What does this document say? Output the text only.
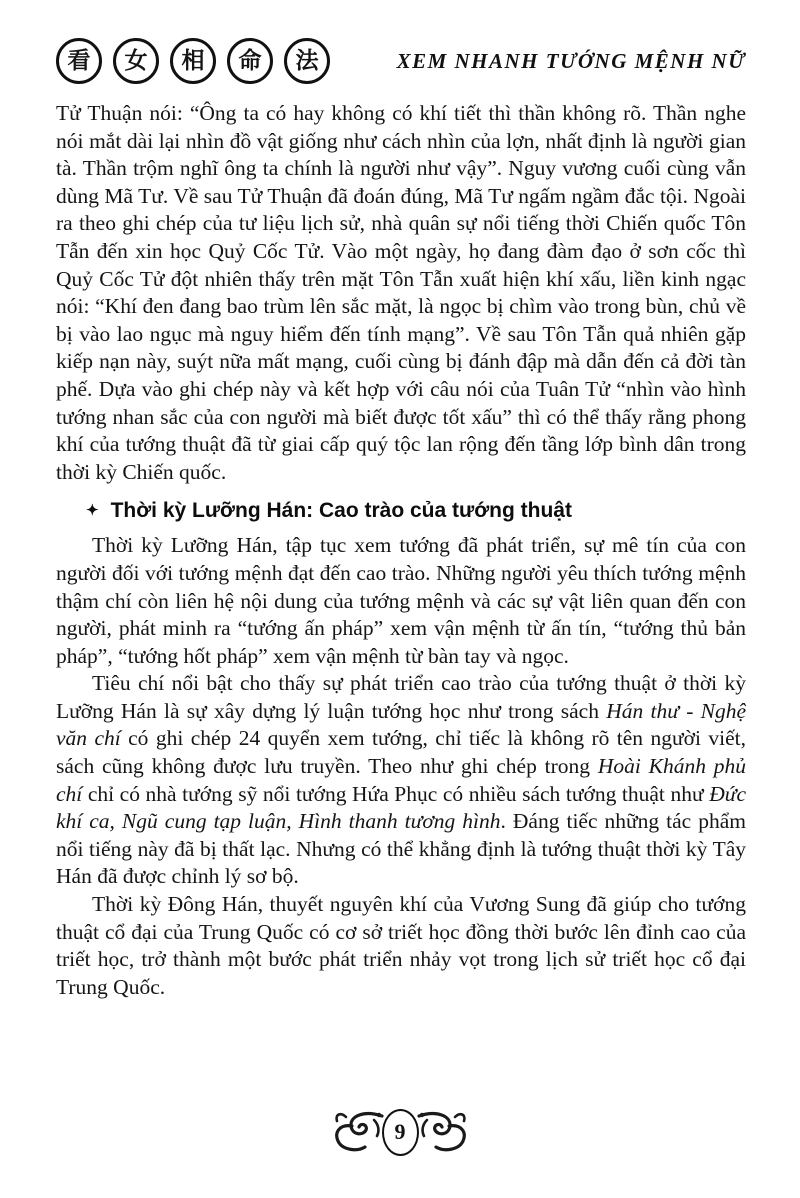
看	女	相	命	法	XEM NHANH TƯỚNG MỆNH NỮ

Tử Thuận nói: “Ông ta có hay không có khí tiết thì thần không rõ. Thần nghe nói mắt dài lại nhìn đồ vật giống như cách nhìn của lợn, nhất định là người gian tà. Thần trộm nghĩ ông ta chính là người như vậy”. Nguy vương cuối cùng vẫn dùng Mã Tư. Về sau Tử Thuận đã đoán đúng, Mã Tư ngấm ngầm đắc tội. Ngoài ra theo ghi chép của tư liệu lịch sử, nhà quân sự nổi tiếng thời Chiến quốc Tôn Tẫn đến xin học Quỷ Cốc Tử. Vào một ngày, họ đang đàm đạo ở sơn cốc thì Quỷ Cốc Tử đột nhiên thấy trên mặt Tôn Tẫn xuất hiện khí xấu, liền kinh ngạc nói: “Khí đen đang bao trùm lên sắc mặt, là ngọc bị chìm vào trong bùn, chủ về bị vào lao ngục mà nguy hiểm đến tính mạng”. Về sau Tôn Tẫn quả nhiên gặp kiếp nạn này, suýt nữa mất mạng, cuối cùng bị đánh đập mà dẫn đến cả đời tàn phế. Dựa vào ghi chép này và kết hợp với câu nói của Tuân Tử “nhìn vào hình tướng nhan sắc của con người mà biết được tốt xấu” thì có thể thấy rằng phong khí của tướng thuật đã từ giai cấp quý tộc lan rộng đến tầng lớp bình dân trong thời kỳ Chiến quốc.

✦ Thời kỳ Lưỡng Hán: Cao trào của tướng thuật

Thời kỳ Lưỡng Hán, tập tục xem tướng đã phát triển, sự mê tín của con người đối với tướng mệnh đạt đến cao trào. Những người yêu thích tướng mệnh thậm chí còn liên hệ nội dung của tướng mệnh và các sự vật liên quan đến con người, phát minh ra “tướng ấn pháp” xem vận mệnh từ ấn tín, “tướng thủ bản pháp”, “tướng hốt pháp” xem vận mệnh từ bàn tay và ngọc.

Tiêu chí nổi bật cho thấy sự phát triển cao trào của tướng thuật ở thời kỳ Lưỡng Hán là sự xây dựng lý luận tướng học như trong sách Hán thư - Nghệ văn chí có ghi chép 24 quyển xem tướng, chỉ tiếc là không rõ tên người viết, sách cũng không được lưu truyền. Theo như ghi chép trong Hoài Khánh phủ chí chỉ có nhà tướng sỹ nổi tướng Hứa Phục có nhiều sách tướng thuật như Đức khí ca, Ngũ cung tạp luận, Hình thanh tương hình. Đáng tiếc những tác phẩm nổi tiếng này đã bị thất lạc. Nhưng có thể khẳng định là tướng thuật thời kỳ Tây Hán đã được chỉnh lý sơ bộ.

Thời kỳ Đông Hán, thuyết nguyên khí của Vương Sung đã giúp cho tướng thuật cổ đại của Trung Quốc có cơ sở triết học đồng thời bước lên đỉnh cao của triết học, trở thành một bước phát triển nhảy vọt trong lịch sử triết học cổ đại Trung Quốc.

9
